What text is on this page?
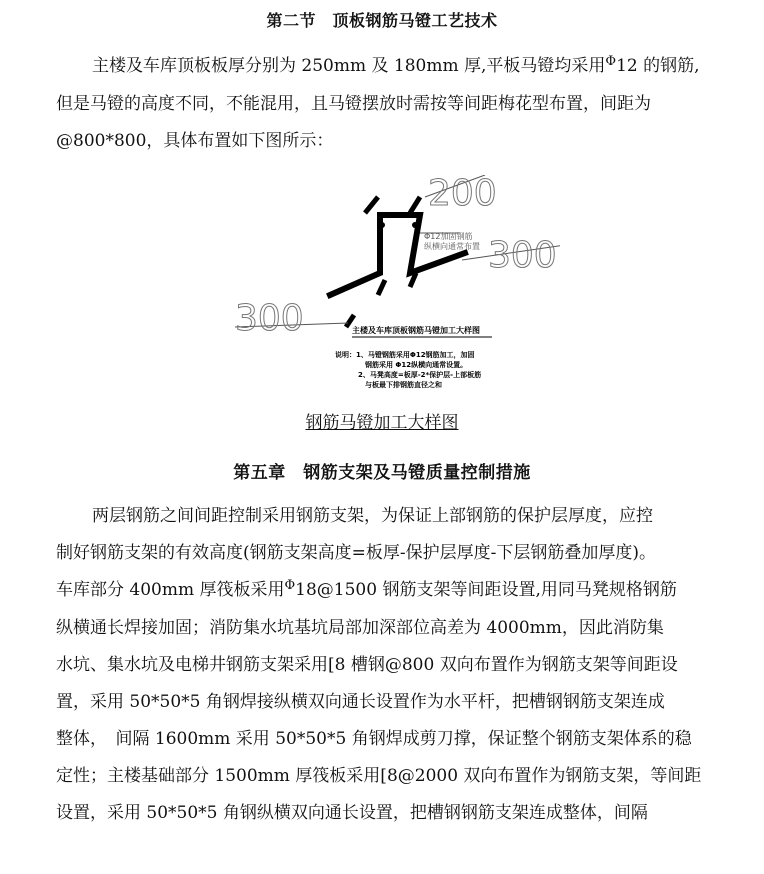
第二节　顶板钢筋马镫工艺技术
主楼及车库顶板板厚分别为 250mm 及 180mm 厚,平板马镫均采用$^\Phi$12 的钢筋,
但是马镫的高度不同，不能混用，且马镫摆放时需按等间距梅花型布置，间距为
@800*800，具体布置如下图所示：
200
300
300
Φ12加固钢筋
纵横向通常布置
主楼及车库顶板钢筋马镫加工大样图
说明：1、马镫钢筋采用Φ12钢筋加工，加固
钢筋采用 Φ12纵横向通常设置。
2、马凳高度=板厚-2*保护层-上部板筋
与板最下排钢筋直径之和
钢筋马镫加工大样图
第五章　钢筋支架及马镫质量控制措施
两层钢筋之间间距控制采用钢筋支架，为保证上部钢筋的保护层厚度，应控
制好钢筋支架的有效高度(钢筋支架高度=板厚-保护层厚度-下层钢筋叠加厚度)。
车库部分 400mm 厚筏板采用$^\Phi$18@1500 钢筋支架等间距设置,用同马凳规格钢筋
纵横通长焊接加固；消防集水坑基坑局部加深部位高差为 4000mm，因此消防集
水坑、集水坑及电梯井钢筋支架采用[8 槽钢@800 双向布置作为钢筋支架等间距设
置，采用 50*50*5 角钢焊接纵横双向通长设置作为水平杆，把槽钢钢筋支架连成
整体，　间隔 1600mm 采用 50*50*5 角钢焊成剪刀撑，保证整个钢筋支架体系的稳
定性；主楼基础部分 1500mm 厚筏板采用[8@2000 双向布置作为钢筋支架，等间距
设置，采用 50*50*5 角钢纵横双向通长设置，把槽钢钢筋支架连成整体，间隔
